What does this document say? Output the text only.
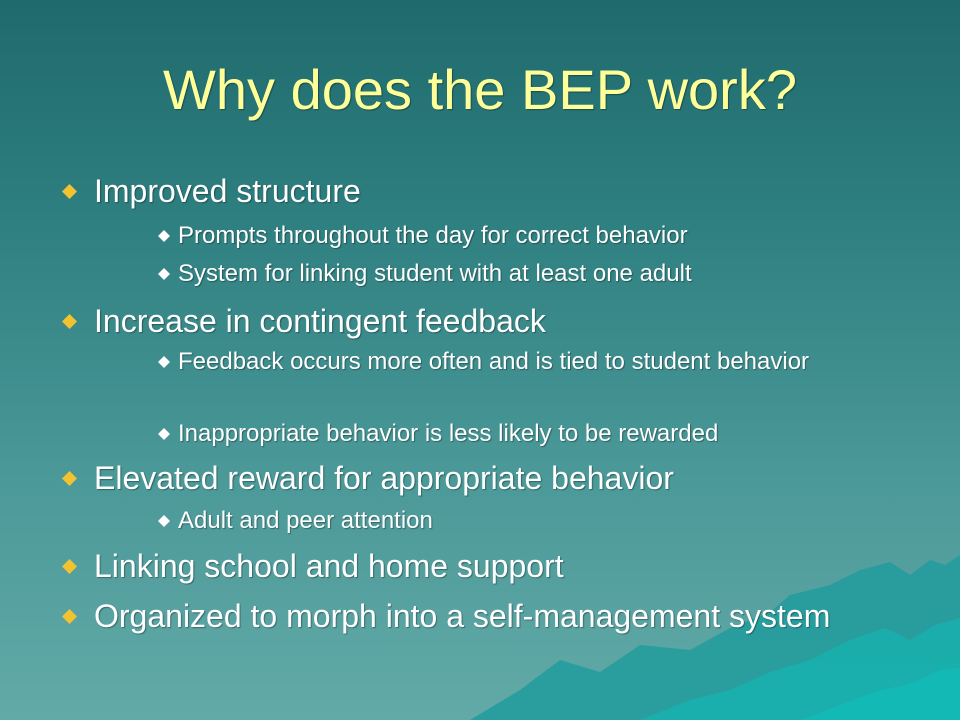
Why does the BEP work?
Improved structure
Prompts throughout the day for correct behavior
System for linking student with at least one adult
Increase in contingent feedback
Feedback occurs more often and is tied to student behavior
Inappropriate behavior is less likely to be rewarded
Elevated reward for appropriate behavior
Adult and peer attention
Linking school and home support
Organized to morph into a self-management system
